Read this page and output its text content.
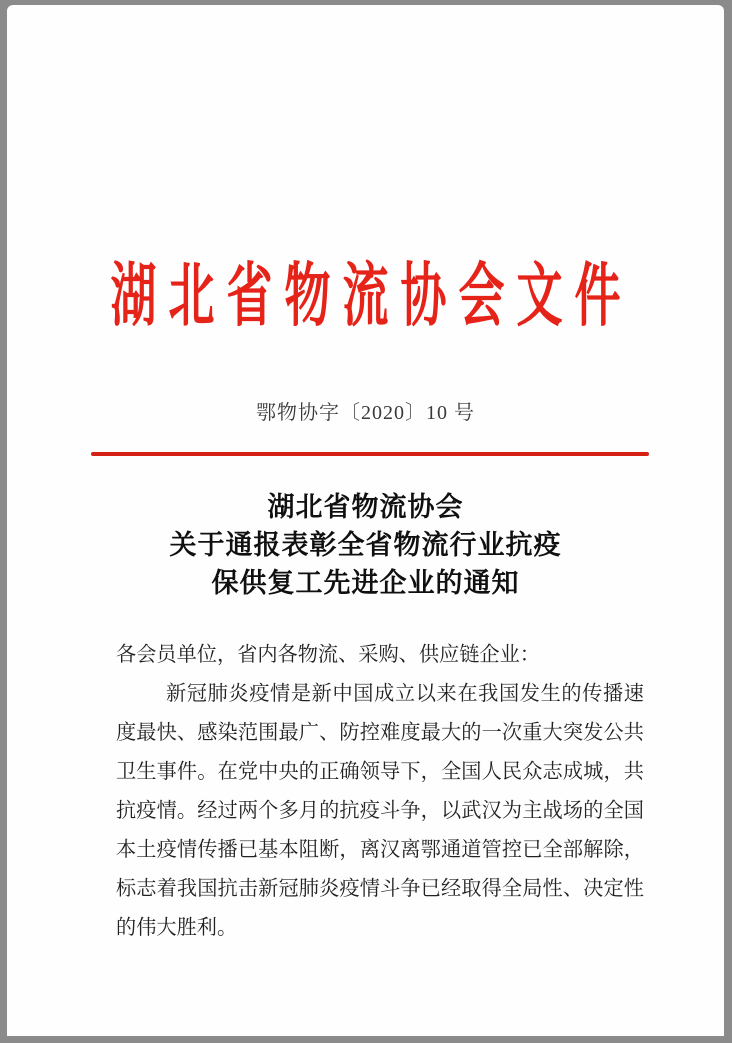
湖北省物流协会文件
鄂物协字〔2020〕10 号
湖北省物流协会
关于通报表彰全省物流行业抗疫
保供复工先进企业的通知

各会员单位，省内各物流、采购、供应链企业：

新冠肺炎疫情是新中国成立以来在我国发生的传播速度最快、感染范围最广、防控难度最大的一次重大突发公共卫生事件。在党中央的正确领导下，全国人民众志成城，共抗疫情。经过两个多月的抗疫斗争，以武汉为主战场的全国本土疫情传播已基本阻断，离汉离鄂通道管控已全部解除，标志着我国抗击新冠肺炎疫情斗争已经取得全局性、决定性的伟大胜利。
